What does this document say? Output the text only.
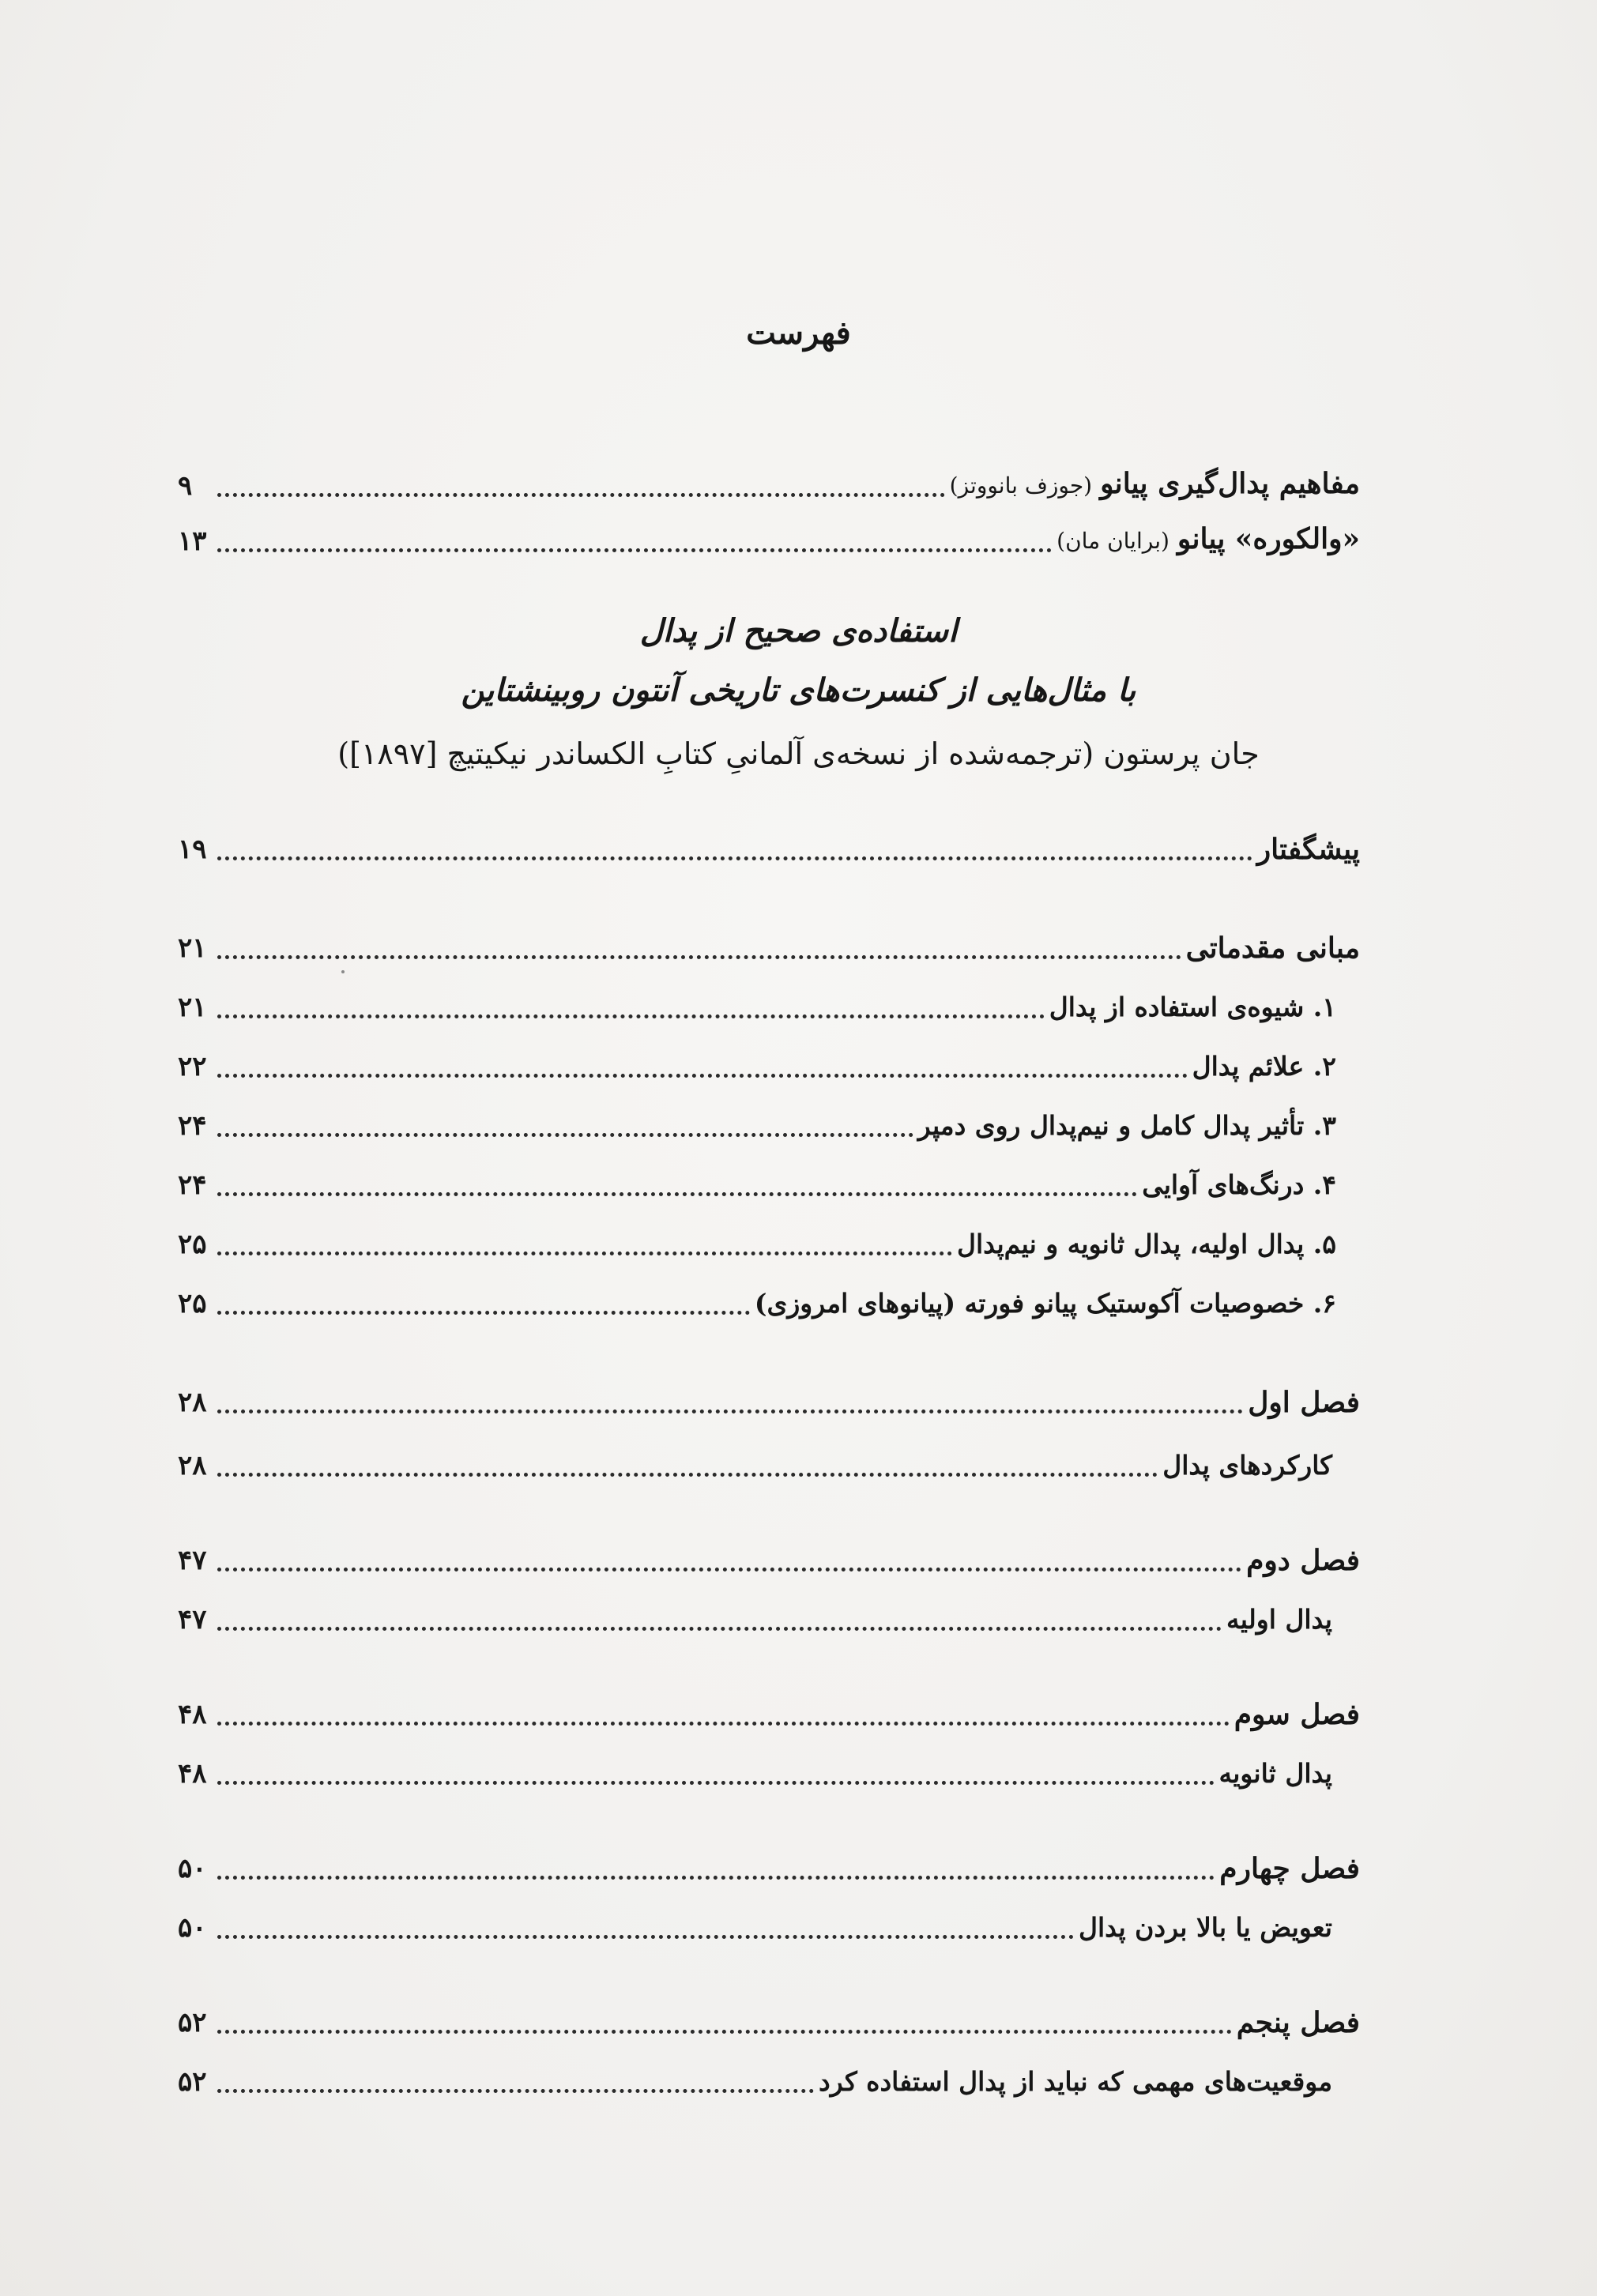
فهرست
مفاهیم پدال‌گیری پیانو(جوزف بانووتز)
۹
«والکوره» پیانو(برایان مان)
۱۳
استفاده‌ی صحیح از پدال
با مثال‌هایی از کنسرت‌های تاریخی آنتون روبینشتاین
جان پرستون (ترجمه‌شده از نسخه‌ی آلمانیِ کتابِ الکساندر نیکیتیچ [۱۸۹۷])
پیشگفتار
۱۹
مبانی مقدماتی
۲۱
۱. شیوه‌ی استفاده از پدال
۲۱
۲. علائم پدال
۲۲
۳. تأثیر پدال کامل و نیم‌پدال روی دمپر
۲۴
۴. درنگ‌های آوایی
۲۴
۵. پدال اولیه، پدال ثانویه و نیم‌پدال
۲۵
۶. خصوصیات آکوستیک پیانو فورته (پیانوهای امروزی)
۲۵
فصل اول
۲۸
کارکردهای پدال
۲۸
فصل دوم
۴۷
پدال اولیه
۴۷
فصل سوم
۴۸
پدال ثانویه
۴۸
فصل چهارم
۵۰
تعویض یا بالا بردن پدال
۵۰
فصل پنجم
۵۲
موقعیت‌های مهمی که نباید از پدال استفاده کرد
۵۲
